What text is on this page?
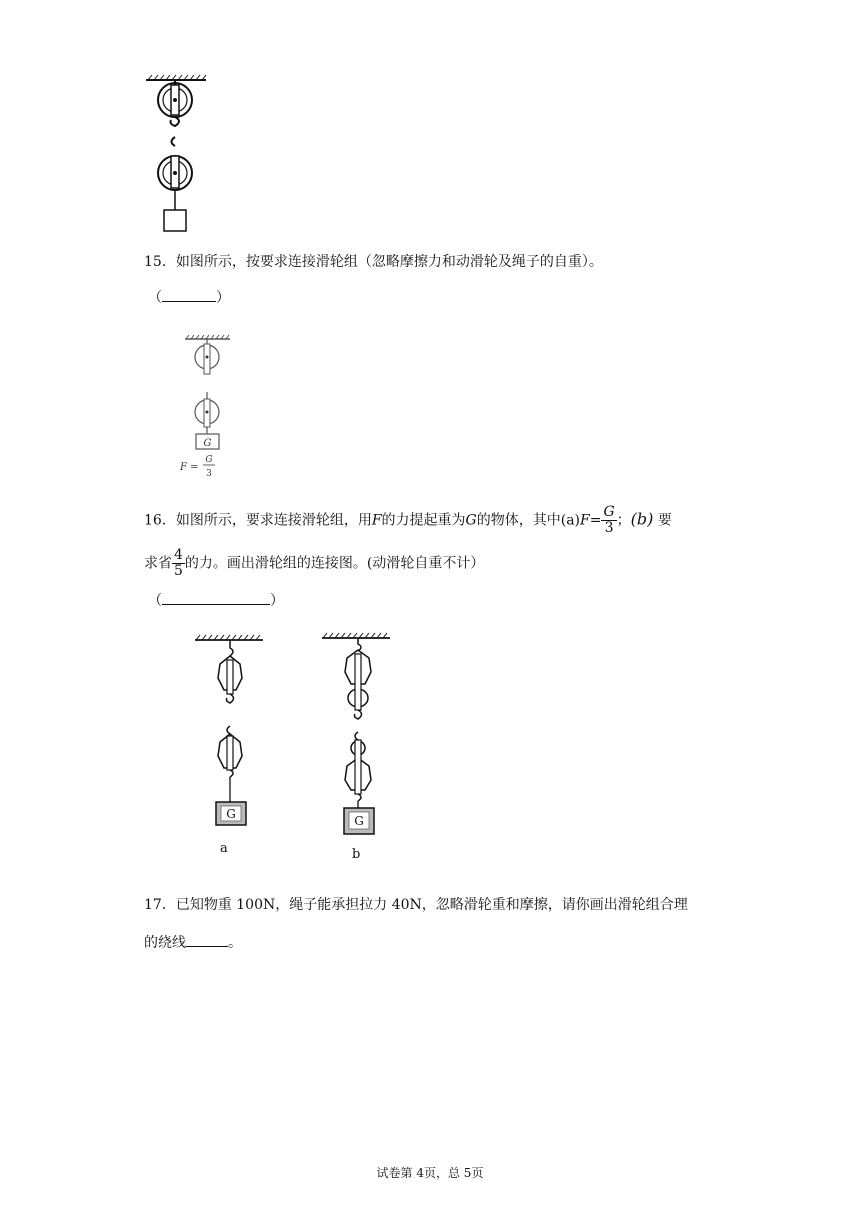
15．如图所示，按要求连接滑轮组（忽略摩擦力和动滑轮及绳子的自重）。
（	）
G
F =
G
3
16．如图所示，要求连接滑轮组，用F的力提起重为G的物体，其中$(a)F= \frac{G}{3}$ ；(b) 要
求省 $\frac{4}{5}$ 的力。画出滑轮组的连接图。(动滑轮自重不计）
（	）
G
a
G
b
17．已知物重 100N，绳子能承担拉力 40N，忽略滑轮重和摩擦，请你画出滑轮组合理
的绕线	。
试卷第 4页，总 5页
